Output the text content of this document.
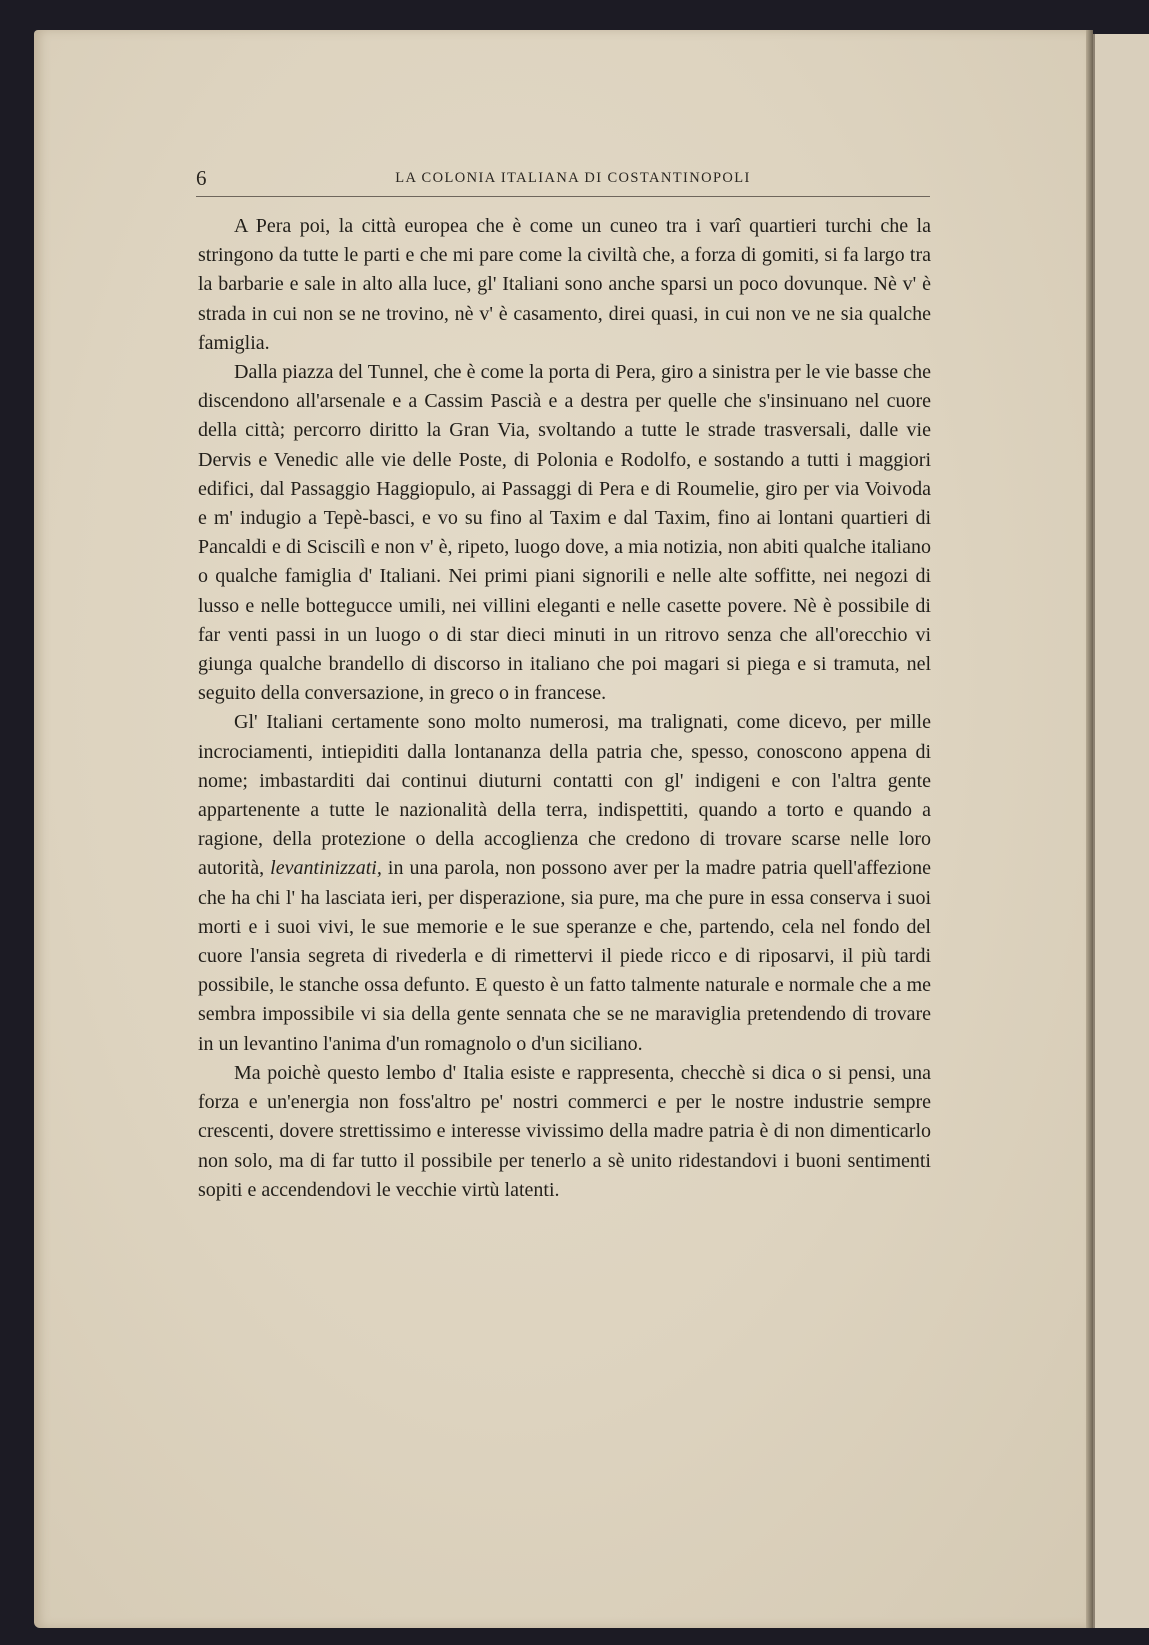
6	LA COLONIA ITALIANA DI COSTANTINOPOLI

A Pera poi, la città europea che è come un cuneo tra i varî quartieri turchi che la stringono da tutte le parti e che mi pare come la civiltà che, a forza di gomiti, si fa largo tra la barbarie e sale in alto alla luce, gl' Italiani sono anche sparsi un poco dovunque. Nè v' è strada in cui non se ne trovino, nè v' è casamento, direi quasi, in cui non ve ne sia qualche famiglia.

Dalla piazza del Tunnel, che è come la porta di Pera, giro a sinistra per le vie basse che discendono all'arsenale e a Cassim Pascià e a destra per quelle che s'insinuano nel cuore della città; percorro diritto la Gran Via, svoltando a tutte le strade trasversali, dalle vie Dervis e Venedic alle vie delle Poste, di Polonia e Rodolfo, e sostando a tutti i maggiori edifici, dal Passaggio Haggiopulo, ai Passaggi di Pera e di Roumelie, giro per via Voivoda e m' indugio a Tepè-basci, e vo su fino al Taxim e dal Taxim, fino ai lontani quartieri di Pancaldi e di Sciscilì e non v' è, ripeto, luogo dove, a mia notizia, non abiti qualche italiano o qualche famiglia d' Italiani. Nei primi piani signorili e nelle alte soffitte, nei negozi di lusso e nelle botteguсce umili, nei villini eleganti e nelle casette povere. Nè è possibile di far venti passi in un luogo o di star dieci minuti in un ritrovo senza che all'orecchio vi giunga qualche brandello di discorso in italiano che poi magari si piega e si tramuta, nel seguito della conversazione, in greco o in francese.

Gl' Italiani certamente sono molto numerosi, ma tralignati, come dicevo, per mille incrociamenti, intiepiditi dalla lontananza della patria che, spesso, conoscono appena di nome; imbastarditi dai continui diuturni contatti con gl' indigeni e con l'altra gente appartenente a tutte le nazionalità della terra, indispettiti, quando a torto e quando a ragione, della protezione o della accoglienza che credono di trovare scarse nelle loro autorità, levantinizzati, in una parola, non possono aver per la madre patria quell'affezione che ha chi l' ha lasciata ieri, per disperazione, sia pure, ma che pure in essa conserva i suoi morti e i suoi vivi, le sue memorie e le sue speranze e che, partendo, cela nel fondo del cuore l'ansia segreta di rivederla e di rimettervi il piede ricco e di riposarvi, il più tardi possibile, le stanche ossa defunto. E questo è un fatto talmente naturale e normale che a me sembra impossibile vi sia della gente sennata che se ne maraviglia pretendendo di trovare in un levantino l'anima d'un romagnolo o d'un siciliano.

Ma poichè questo lembo d' Italia esiste e rappresenta, checchè si dica o si pensi, una forza e un'energia non foss'altro pe' nostri commerci e per le nostre industrie sempre crescenti, dovere strettissimo e interesse vivissimo della madre patria è di non dimenticarlo non solo, ma di far tutto il possibile per tenerlo a sè unito ridestandovi i buoni sentimenti sopiti e accendendovi le vecchie virtù latenti.
